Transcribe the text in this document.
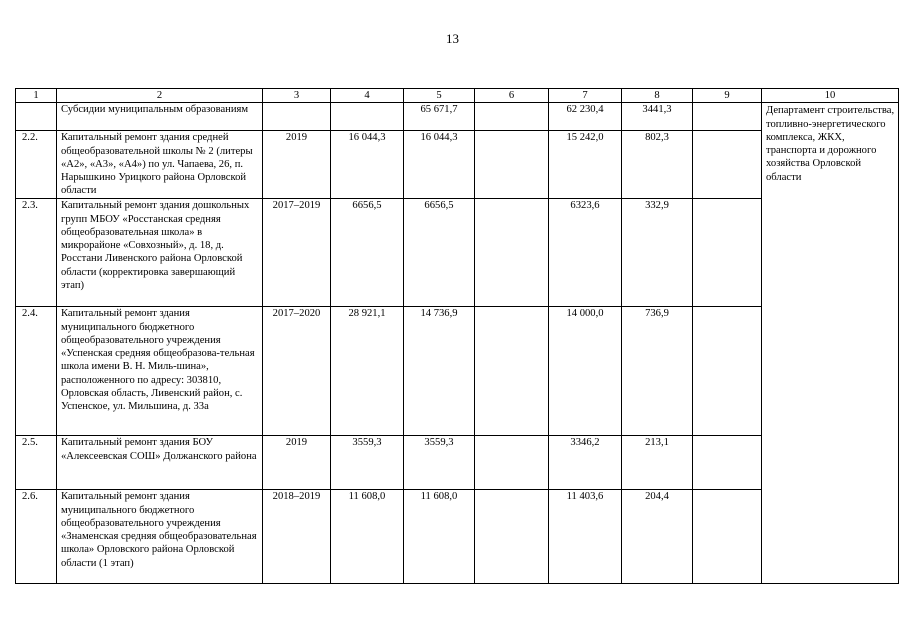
13
1	2	3	4	5	6	7	8	9	10
	Субсидии муниципальным образованиям			65 671,7		62 230,4	3441,3		Департамент строительства, топливно-энергетического комплекса, ЖКХ, транспорта и дорожного хозяйства Орловской области
2.2.	Капитальный ремонт здания средней общеобразовательной школы № 2 (литеры «А2», «А3», «А4») по ул. Чапаева, 26, п. Нарышкино Урицкого района Орловской области	2019	16 044,3	16 044,3		15 242,0	802,3		
2.3.	Капитальный ремонт здания дошкольных групп МБОУ «Росстанская средняя общеобразовательная школа» в микрорайоне «Совхозный», д. 18, д. Росстани Ливенского района Орловской области (корректировка завершающий этап)	2017–2019	6656,5	6656,5		6323,6	332,9		
2.4.	Капитальный ремонт здания муниципального бюджетного общеобразовательного учреждения «Успенская средняя общеобразова-тельная школа имени В. Н. Миль-шина», расположенного по адресу: 303810, Орловская область, Ливенский район, с. Успенское, ул. Мильшина, д. 33а	2017–2020	28 921,1	14 736,9		14 000,0	736,9		
2.5.	Капитальный ремонт здания БОУ «Алексеевская СОШ» Должанского района	2019	3559,3	3559,3		3346,2	213,1		
2.6.	Капитальный ремонт здания муниципального бюджетного общеобразовательного учреждения «Знаменская средняя общеобразовательная школа» Орловского района Орловской области (1 этап)	2018–2019	11 608,0	11 608,0		11 403,6	204,4		
